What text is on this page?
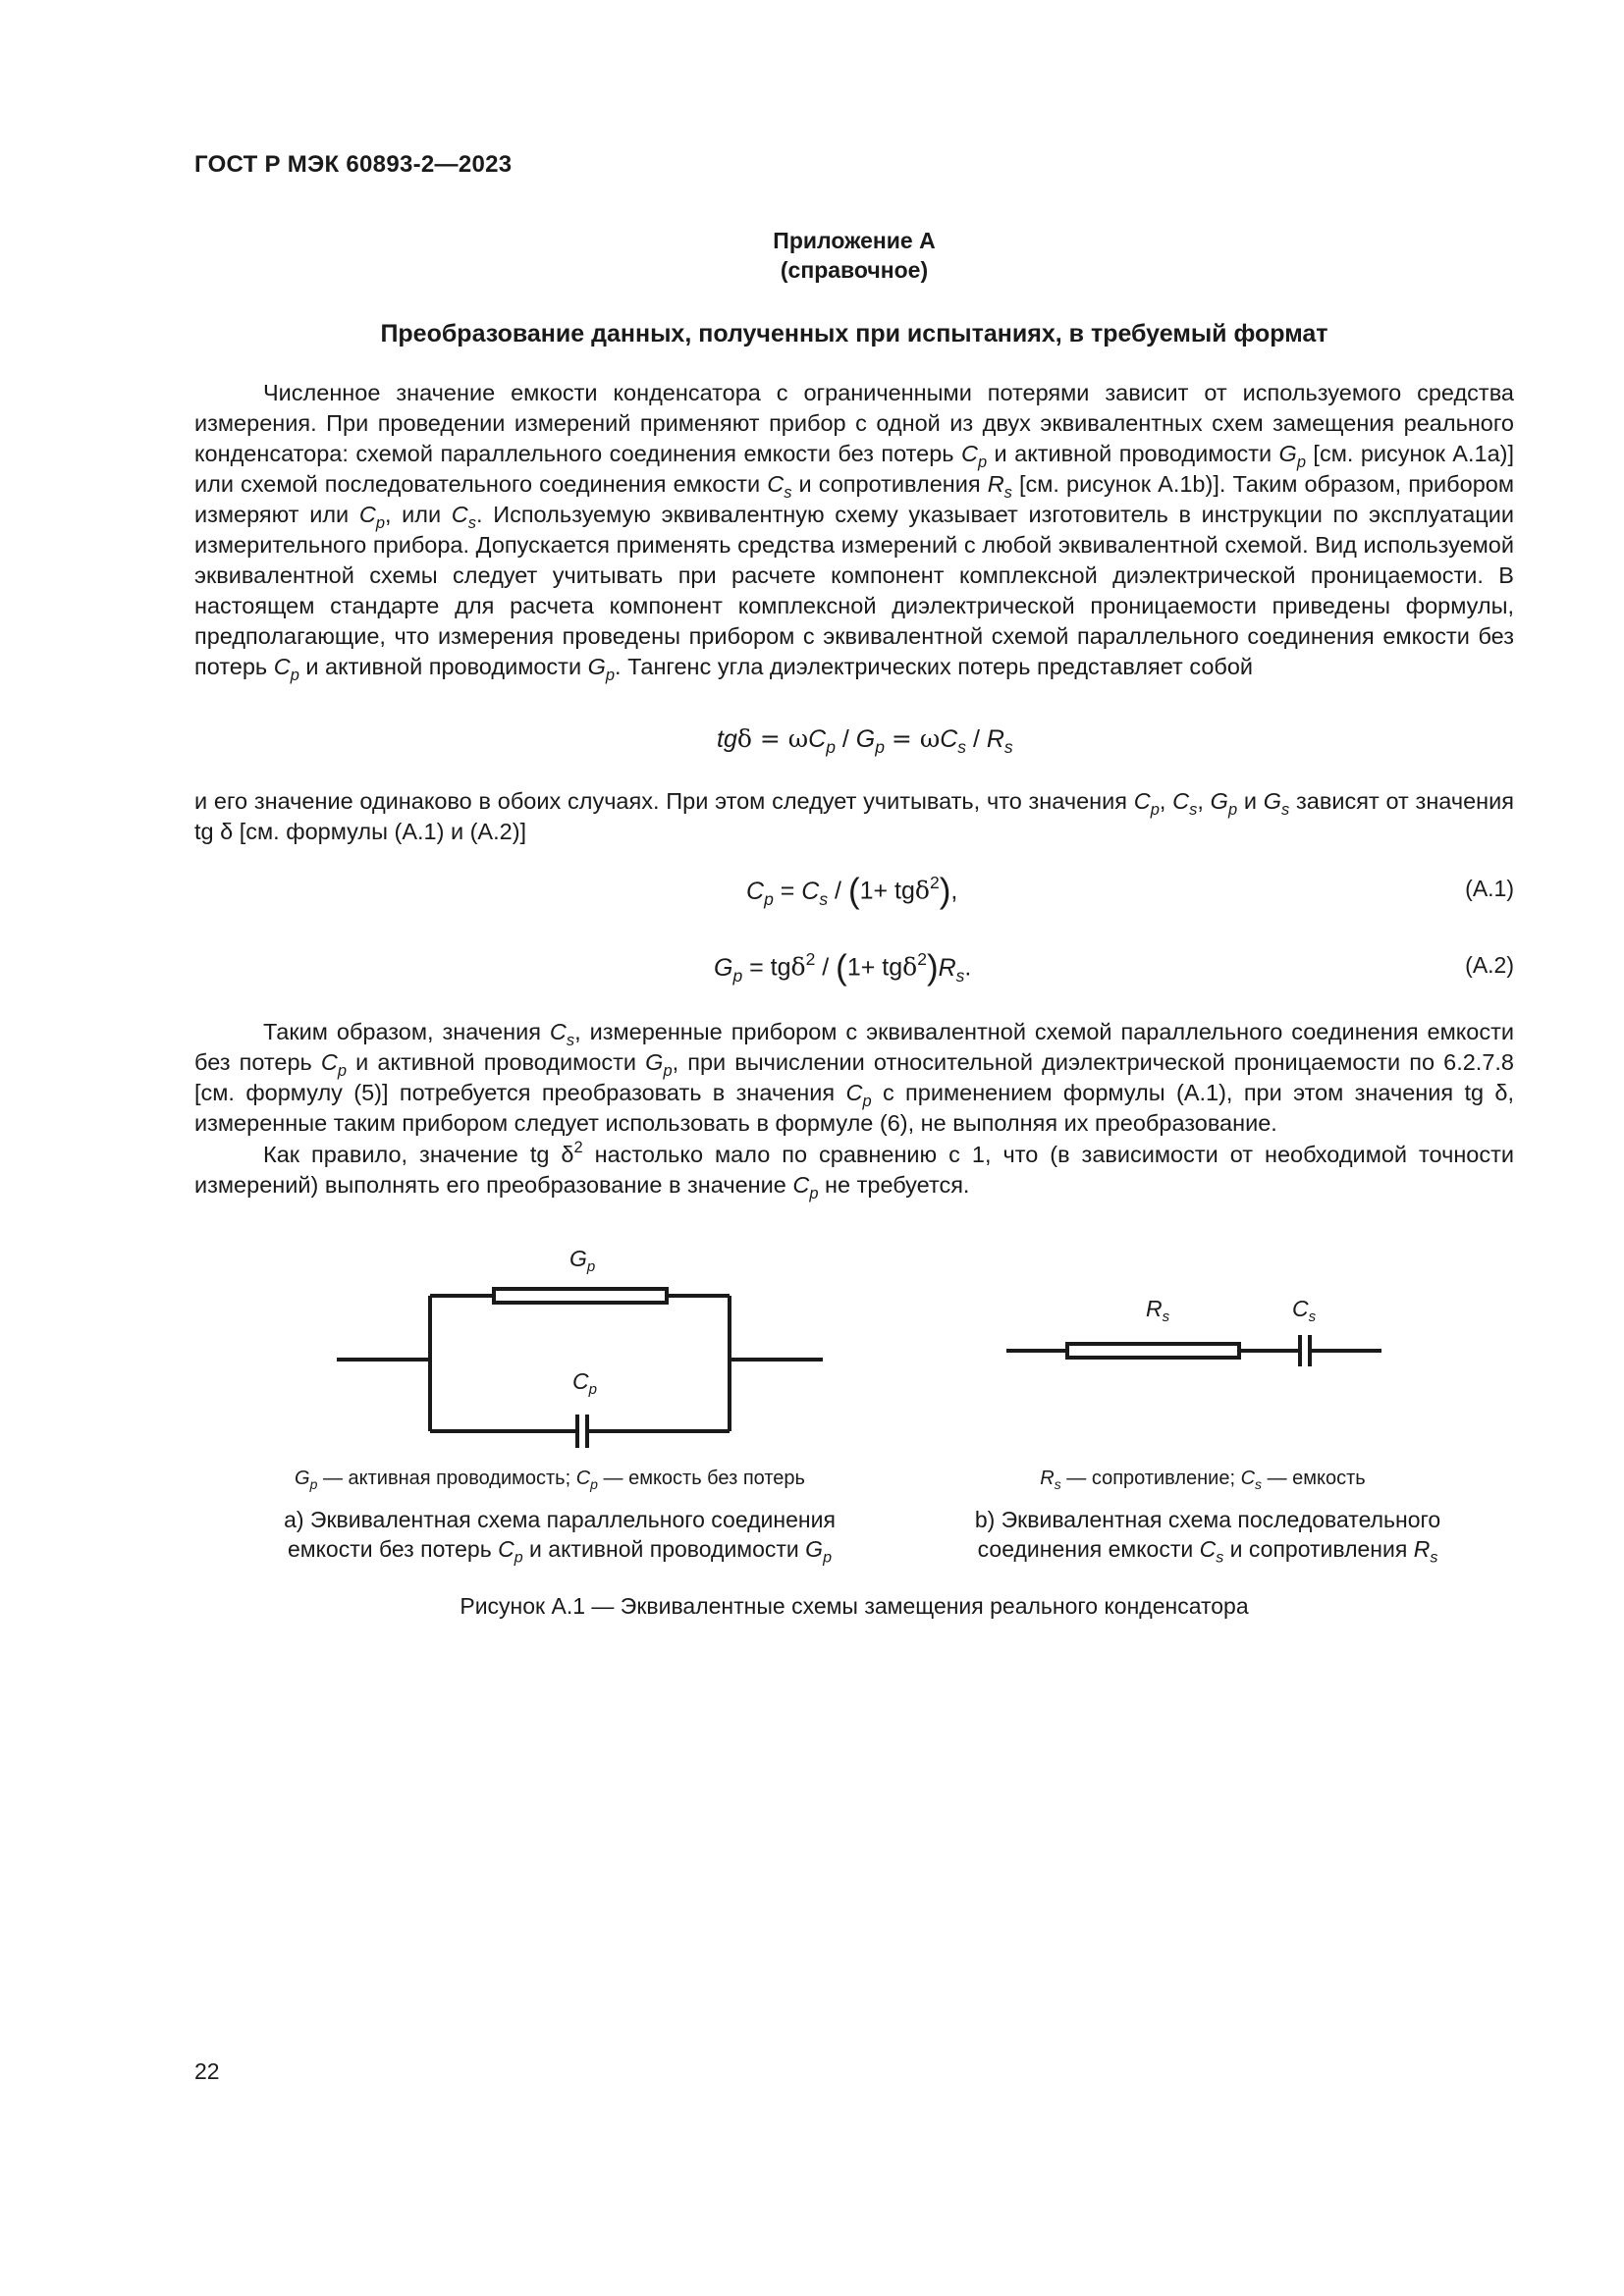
ГОСТ Р МЭК 60893-2—2023
Приложение А
(справочное)
Преобразование данных, полученных при испытаниях, в требуемый формат

Численное значение емкости конденсатора с ограниченными потерями зависит от используемого средства измерения. При проведении измерений применяют прибор с одной из двух эквивалентных схем замещения реального конденсатора: схемой параллельного соединения емкости без потерь $C_p$ и активной проводимости $G_p$ [см. рисунок А.1а)] или схемой последовательного соединения емкости $C_s$ и сопротивления $R_s$ [см. рисунок А.1b)]. Таким образом, прибором измеряют или $C_p$, или $C_s$. Используемую эквивалентную схему указывает изготовитель в инструкции по эксплуатации измерительного прибора. Допускается применять средства измерений с любой эквивалентной схемой. Вид используемой эквивалентной схемы следует учитывать при расчете компонент комплексной диэлектрической проницаемости. В настоящем стандарте для расчета компонент комплексной диэлектрической проницаемости приведены формулы, предполагающие, что измерения проведены прибором с эквивалентной схемой параллельного соединения емкости без потерь $C_p$ и активной проводимости $G_p$. Тангенс угла диэлектрических потерь представляет собой

$tg\delta = \omega C_p / G_p = \omega C_s / R_s$

и его значение одинаково в обоих случаях. При этом следует учитывать, что значения $C_p$, $C_s$, $G_p$ и $G_s$ зависят от значения tg δ [см. формулы (А.1) и (А.2)]

$C_p = C_s / (1+ tg\delta^2)$,	(А.1)
$G_p = tg\delta^2 / (1+ tg\delta^2)R_s$.	(А.2)

Таким образом, значения $C_s$, измеренные прибором с эквивалентной схемой параллельного соединения емкости без потерь $C_p$ и активной проводимости $G_p$, при вычислении относительной диэлектрической проницаемости по 6.2.7.8 [см. формулу (5)] потребуется преобразовать в значения $C_p$ с применением формулы (А.1), при этом значения tg δ, измеренные таким прибором следует использовать в формуле (6), не выполняя их преобразование.

Как правило, значение tg $\delta^2$ настолько мало по сравнению с 1, что (в зависимости от необходимой точности измерений) выполнять его преобразование в значение $C_p$ не требуется.

$G_p$
$C_p$
$R_s$	$C_s$
$G_p$ — активная проводимость; $C_p$ — емкость без потерь	$R_s$ — сопротивление; $C_s$ — емкость
а) Эквивалентная схема параллельного соединения
емкости без потерь $C_p$ и активной проводимости $G_p$
b) Эквивалентная схема последовательного
соединения емкости $C_s$ и сопротивления $R_s$
Рисунок А.1 — Эквивалентные схемы замещения реального конденсатора
22
